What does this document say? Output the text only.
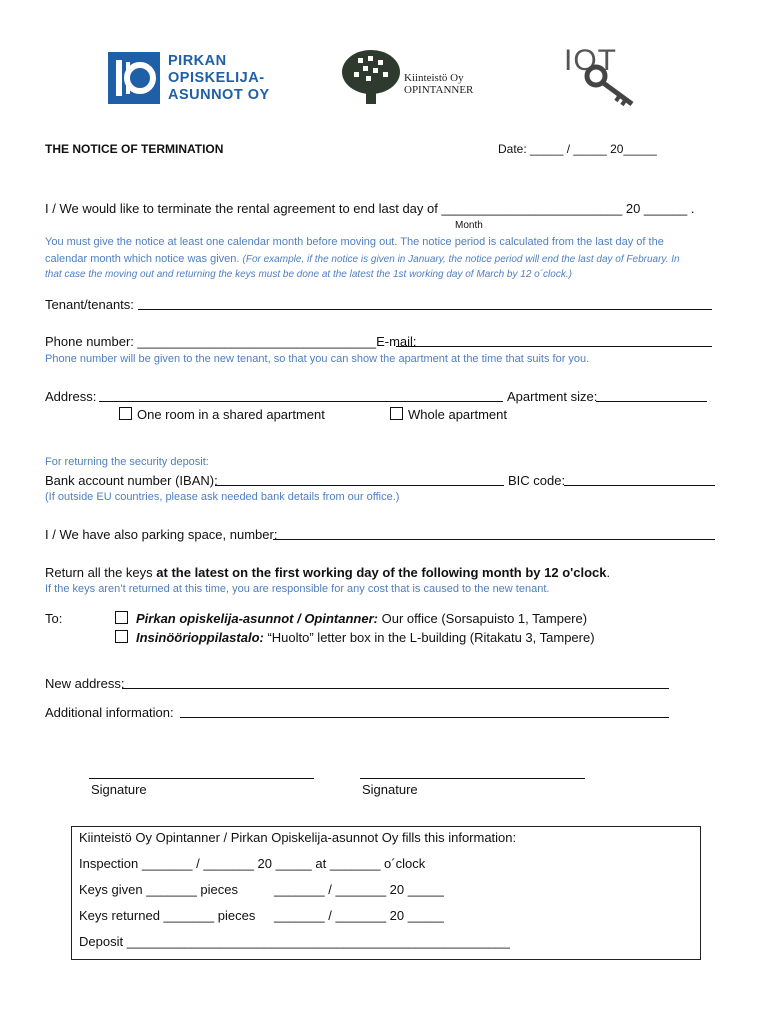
PIRKAN
OPISKELIJA-
ASUNNOT OY
Kiinteistö Oy
OPINTANNER
IOT
THE NOTICE OF TERMINATION	Date: _____ / _____ 20_____
I / We would like to terminate the rental agreement to end last day of _________________________ 20 ______ .
Month
You must give the notice at least one calendar month before moving out. The notice period is calculated from the last day of the
calendar month which notice was given. (For example, if the notice is given in January, the notice period will end the last day of February. In
that case the moving out and returning the keys must be done at the latest the 1st working day of March by 12 o´clock.)
Tenant/tenants:
Phone number: _________________________________E-mail:
Phone number will be given to the new tenant, so that you can show the apartment at the time that suits for you.
Address:	Apartment size:
One room in a shared apartment	Whole apartment
For returning the security deposit:
Bank account number (IBAN):	BIC code:
(If outside EU countries, please ask needed bank details from our office.)
I / We have also parking space, number:
Return all the keys at the latest on the first working day of the following month by 12 o'clock.
If the keys aren’t returned at this time, you are responsible for any cost that is caused to the new tenant.
To:	Pirkan opiskelija-asunnot / Opintanner: Our office (Sorsapuisto 1, Tampere)
Insinöörioppilastalo: “Huolto” letter box in the L-building (Ritakatu 3, Tampere)
New address:
Additional information:
Signature	Signature
Kiinteistö Oy Opintanner / Pirkan Opiskelija-asunnot Oy fills this information:
Inspection _______ / _______ 20 _____ at _______ o´clock
Keys given _______ pieces	_______ / _______ 20 _____
Keys returned _______ pieces _______ / _______ 20 _____
Deposit _____________________________________________________
